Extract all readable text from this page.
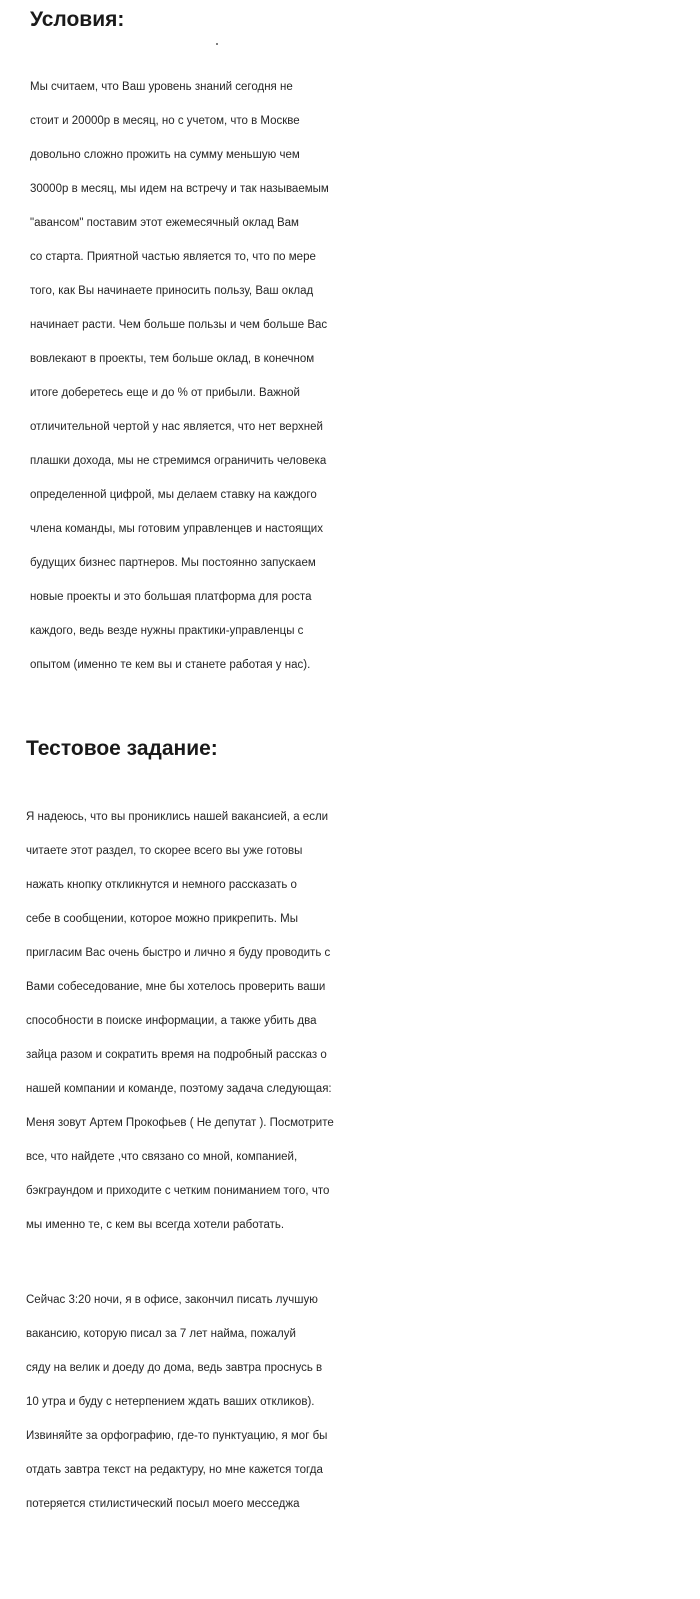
Условия:

Мы считаем, что Ваш уровень знаний сегодня не
стоит и 20000р в месяц, но с учетом, что в Москве
довольно сложно прожить на сумму меньшую чем
30000р в месяц, мы идем на встречу и так называемым
"авансом" поставим этот ежемесячный оклад Вам
со старта. Приятной частью является то, что по мере
того, как Вы начинаете приносить пользу, Ваш оклад
начинает расти. Чем больше пользы и чем больше Вас
вовлекают в проекты, тем больше оклад, в конечном
итоге доберетесь еще и до % от прибыли. Важной
отличительной чертой у нас является, что нет верхней
плашки дохода, мы не стремимся ограничить человека
определенной цифрой, мы делаем ставку на каждого
члена команды, мы готовим управленцев и настоящих
будущих бизнес партнеров. Мы постоянно запускаем
новые проекты и это большая платформа для роста
каждого, ведь везде нужны практики-управленцы с
опытом (именно те кем вы и станете работая у нас).

Тестовое задание:

Я надеюсь, что вы прониклись нашей вакансией, а если
читаете этот раздел, то скорее всего вы уже готовы
нажать кнопку откликнутся и немного рассказать о
себе в сообщении, которое можно прикрепить. Мы
пригласим Вас очень быстро и лично я буду проводить с
Вами собеседование, мне бы хотелось проверить ваши
способности в поиске информации, а также убить два
зайца разом и сократить время на подробный рассказ о
нашей компании и команде, поэтому задача следующая:
Меня зовут Артем Прокофьев ( Не депутат ). Посмотрите
все, что найдете ,что связано со мной, компанией,
бэкграундом и приходите с четким пониманием того, что
мы именно те, с кем вы всегда хотели работать.

Сейчас 3:20 ночи, я в офисе, закончил писать лучшую
вакансию, которую писал за 7 лет найма, пожалуй
сяду на велик и доеду до дома, ведь завтра проснусь в
10 утра и буду с нетерпением ждать ваших откликов).
Извиняйте за орфографию, где-то пунктуацию, я мог бы
отдать завтра текст на редактуру, но мне кажется тогда
потеряется стилистический посыл моего месседжа
